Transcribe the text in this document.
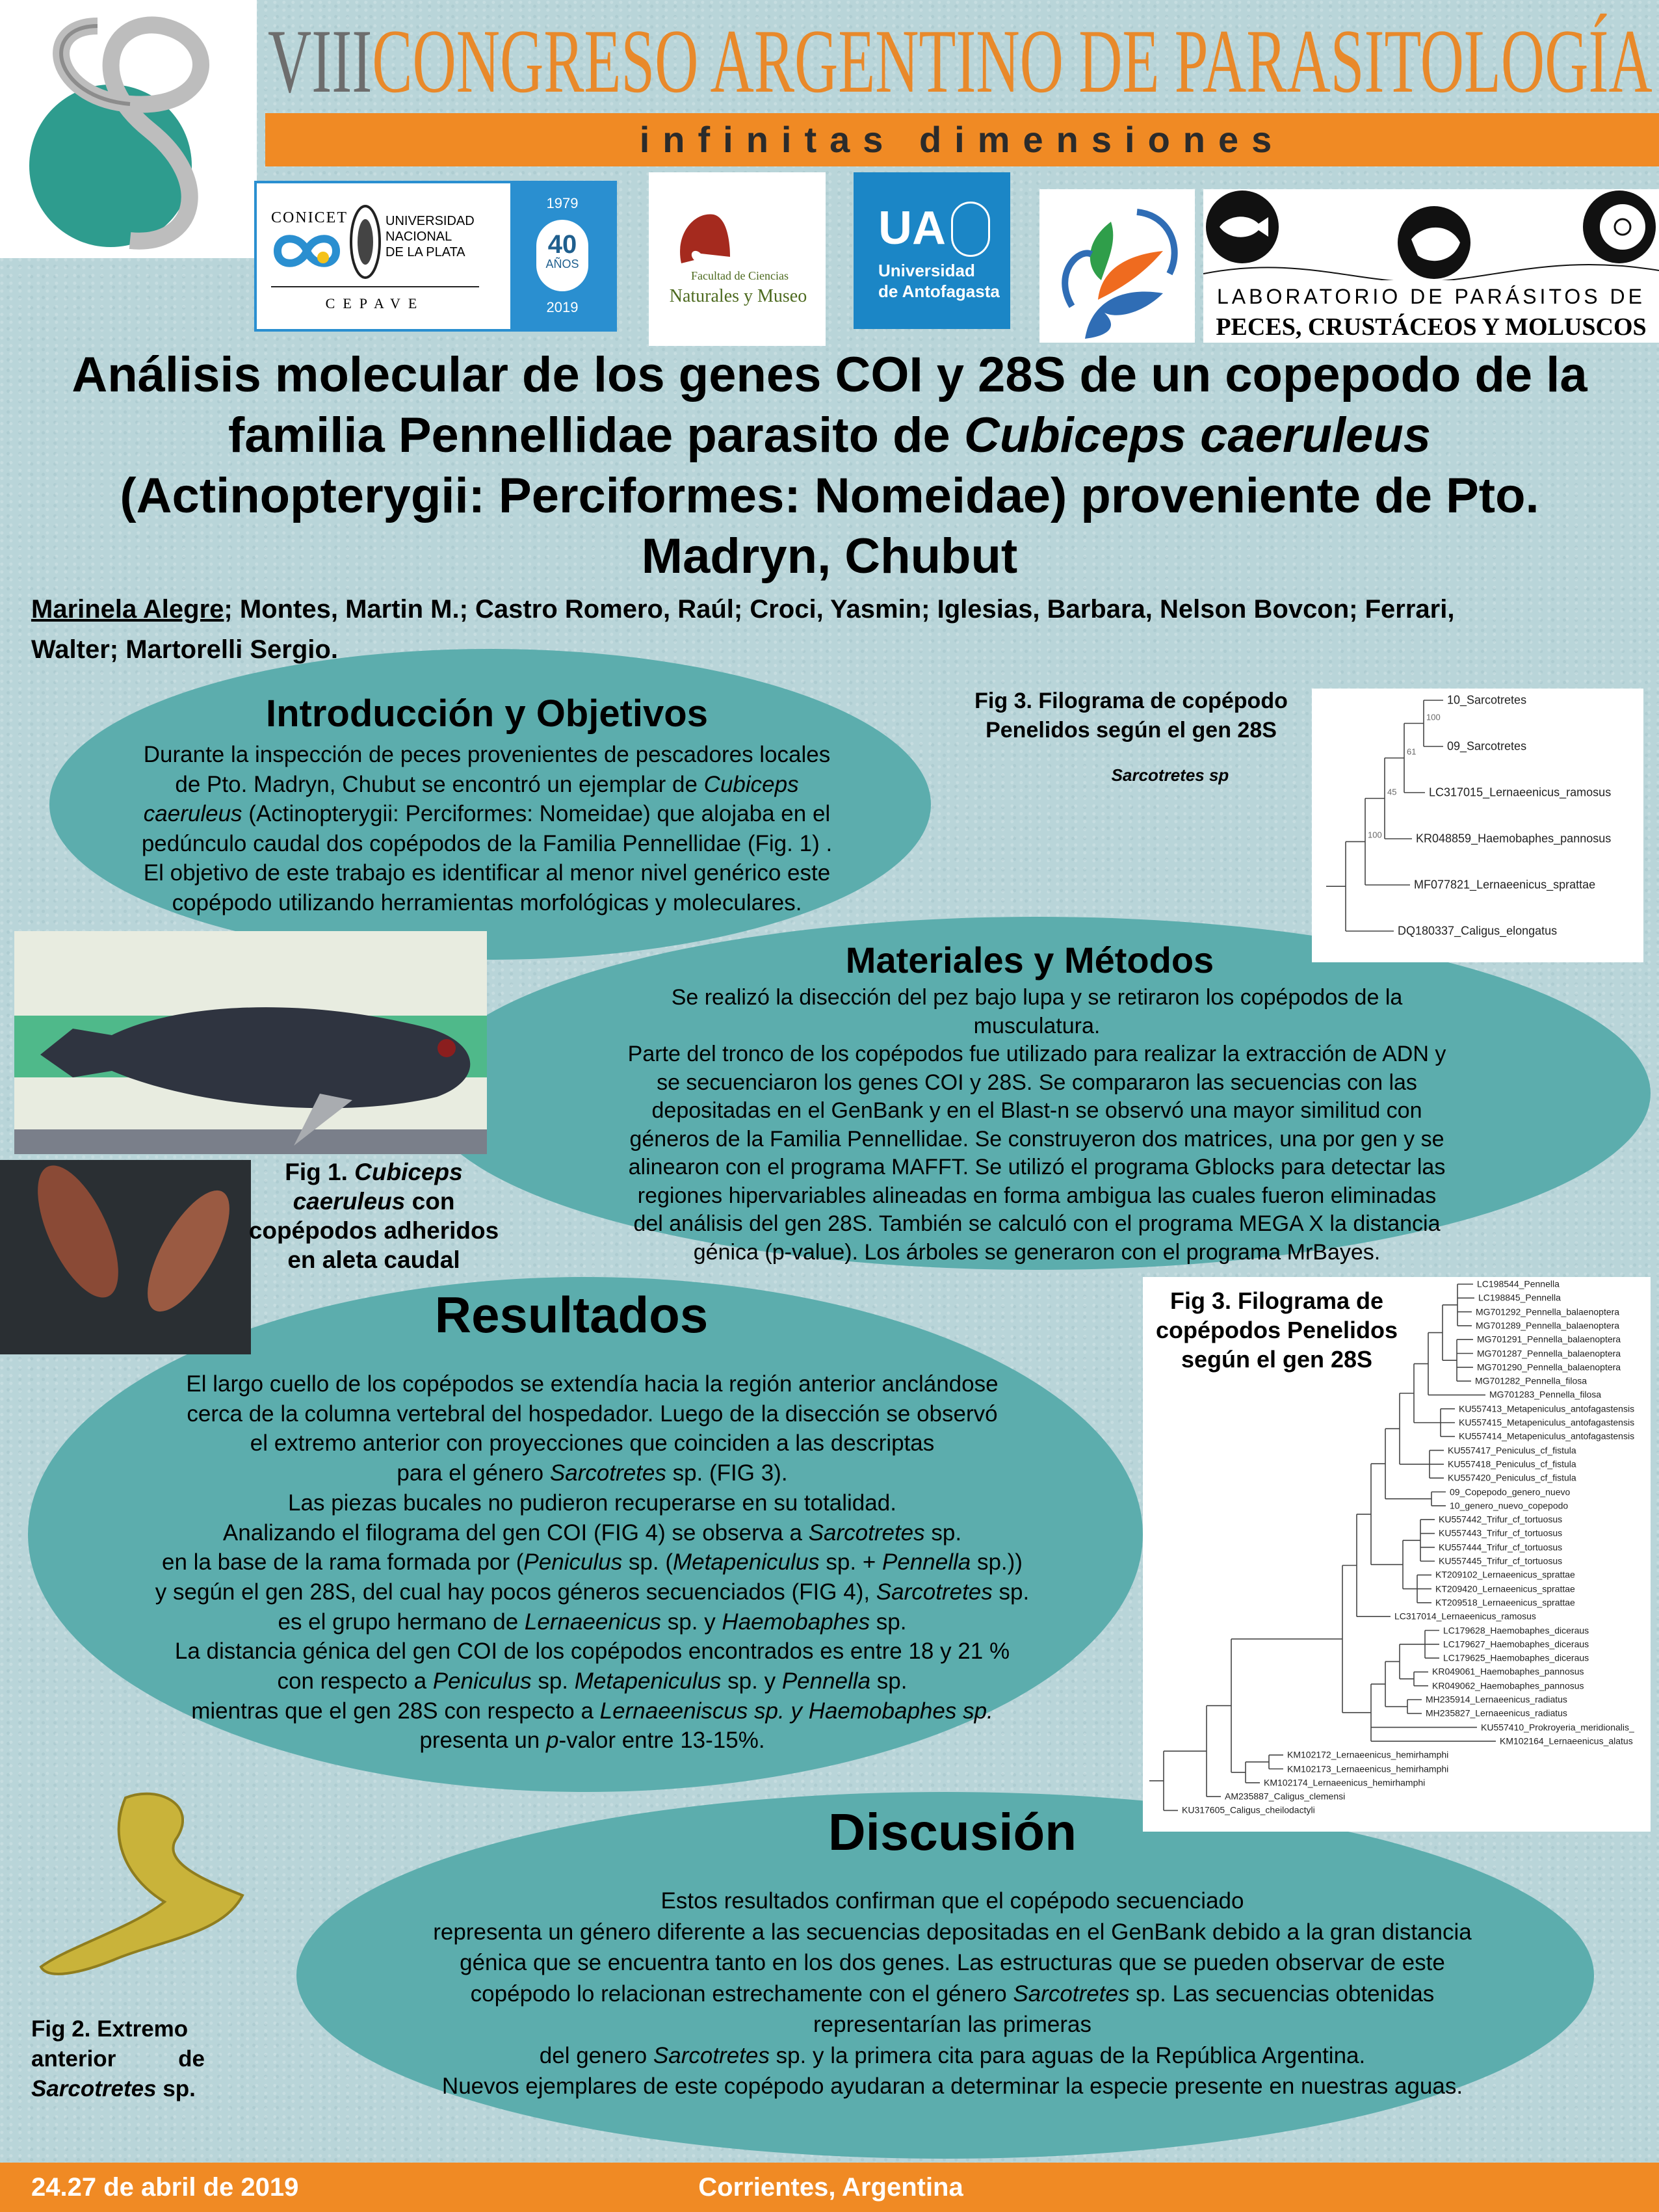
VIIICONGRESO ARGENTINO DE PARASITOLOGÍA
infinitas dimensiones
CONICET	UNIVERSIDAD
NACIONAL
DE LA PLATA
CEPAVE
1979
40
AÑOS
2019
Facultad de Ciencias
Naturales y Museo
UA
Universidad
de Antofagasta	LABORATORIO DE PARÁSITOS DE
PECES, CRUSTÁCEOS Y MOLUSCOS
Análisis molecular de los genes COI y 28S de un copepodo de la
familia Pennellidae parasito de Cubiceps caeruleus
(Actinopterygii: Perciformes: Nomeidae) proveniente de Pto.
Madryn, Chubut
Marinela Alegre; Montes, Martin M.; Castro Romero, Raúl; Croci, Yasmin; Iglesias, Barbara, Nelson Bovcon; Ferrari,
Walter; Martorelli Sergio.
Introducción y Objetivos
Durante la inspección de peces provenientes de pescadores locales
de Pto. Madryn, Chubut se encontró un ejemplar de Cubiceps
caeruleus (Actinopterygii: Perciformes: Nomeidae) que alojaba en el
pedúnculo caudal dos copépodos de la Familia Pennellidae (Fig. 1) .
El objetivo de este trabajo es identificar al menor nivel genérico este
copépodo utilizando herramientas morfológicas y moleculares.
Materiales y Métodos
Se realizó la disección del pez bajo lupa y se retiraron los copépodos de la
musculatura.
Parte del tronco de los copépodos fue utilizado para realizar la extracción de ADN y
se secuenciaron los genes COI y 28S. Se compararon las secuencias con las
depositadas en el GenBank y en el Blast-n se observó una mayor similitud con
géneros de la Familia Pennellidae. Se construyeron dos matrices, una por gen y se
alinearon con el programa MAFFT. Se utilizó el programa Gblocks para detectar las
regiones hipervariables alineadas en forma ambigua las cuales fueron eliminadas
del análisis del gen 28S. También se calculó con el programa MEGA X la distancia
génica (p-value). Los árboles se generaron con el programa MrBayes.
Resultados
El largo cuello de los copépodos se extendía hacia la región anterior anclándose
cerca de la columna vertebral del hospedador. Luego de la disección se observó
el extremo anterior con proyecciones que coinciden a las descriptas
para el género Sarcotretes sp. (FIG 3).
Las piezas bucales no pudieron recuperarse en su totalidad.
Analizando el filograma del gen COI (FIG 4) se observa a Sarcotretes sp.
en la base de la rama formada por (Peniculus sp. (Metapeniculus sp. + Pennella sp.))
y según el gen 28S, del cual hay pocos géneros secuenciados (FIG 4), Sarcotretes sp.
es el grupo hermano de Lernaeenicus sp. y Haemobaphes sp.
La distancia génica del gen COI de los copépodos encontrados es entre 18 y 21 %
con respecto a Peniculus sp. Metapeniculus sp. y Pennella sp.
mientras que el gen 28S con respecto a Lernaeeniscus sp. y Haemobaphes sp.
presenta un p-valor entre 13-15%.
Discusión
Estos resultados confirman que el copépodo secuenciado
representa un género diferente a las secuencias depositadas en el GenBank debido a la gran distancia
génica que se encuentra tanto en los dos genes. Las estructuras que se pueden observar de este
copépodo lo relacionan estrechamente con el género Sarcotretes sp. Las secuencias obtenidas
representarían las primeras
del genero Sarcotretes sp. y la primera cita para aguas de la República Argentina.
Nuevos ejemplares de este copépodo ayudaran a determinar la especie presente en nuestras aguas.
Fig 1. Cubiceps
caeruleus con
copépodos adheridos
en aleta caudal
Fig 2. Extremo
anterior	de
Sarcotretes sp.
Fig 3. Filograma de copépodo
Penelidos según el gen 28S
Sarcotretes sp
10_Sarcotretes
09_Sarcotretes
LC317015_Lernaeenicus_ramosus
KR048859_Haemobaphes_pannosus
MF077821_Lernaeenicus_sprattae
DQ180337_Caligus_elongatus
100
61
45
100
Fig 3. Filograma de
copépodos Penelidos
según el gen 28S
LC198544_Pennella
LC198845_Pennella
MG701292_Pennella_balaenoptera
MG701289_Pennella_balaenoptera
MG701291_Pennella_balaenoptera
MG701287_Pennella_balaenoptera
MG701290_Pennella_balaenoptera
MG701282_Pennella_filosa
MG701283_Pennella_filosa
KU557413_Metapeniculus_antofagastensis
KU557415_Metapeniculus_antofagastensis
KU557414_Metapeniculus_antofagastensis
KU557417_Peniculus_cf_fistula
KU557418_Peniculus_cf_fistula
KU557420_Peniculus_cf_fistula
09_Copepodo_genero_nuevo
10_genero_nuevo_copepodo
KU557442_Trifur_cf_tortuosus
KU557443_Trifur_cf_tortuosus
KU557444_Trifur_cf_tortuosus
KU557445_Trifur_cf_tortuosus
KT209102_Lernaeenicus_sprattae
KT209420_Lernaeenicus_sprattae
KT209518_Lernaeenicus_sprattae
LC317014_Lernaeenicus_ramosus
LC179628_Haemobaphes_diceraus
LC179627_Haemobaphes_diceraus
LC179625_Haemobaphes_diceraus
KR049061_Haemobaphes_pannosus
KR049062_Haemobaphes_pannosus
MH235914_Lernaeenicus_radiatus
MH235827_Lernaeenicus_radiatus
KU557410_Prokroyeria_meridionalis_
KM102164_Lernaeenicus_alatus
KM102172_Lernaeenicus_hemirhamphi
KM102173_Lernaeenicus_hemirhamphi
KM102174_Lernaeenicus_hemirhamphi
AM235887_Caligus_clemensi
KU317605_Caligus_cheilodactyli
24.27 de abril de 2019	Corrientes, Argentina
